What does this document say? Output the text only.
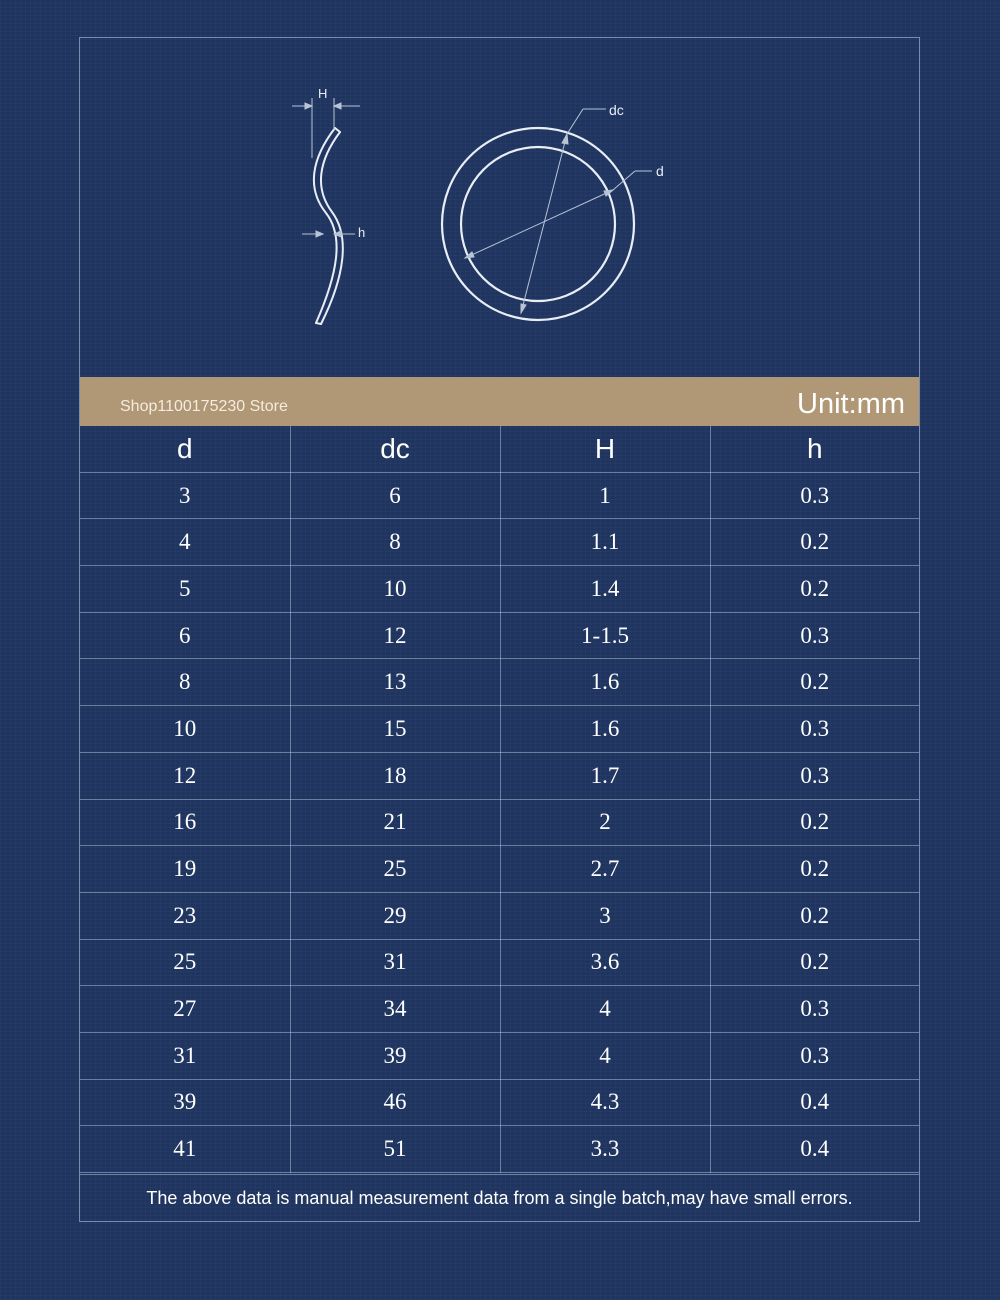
H
h
dc
d
Shop1100175230 Store	Unit:mm
d	dc	H	h
3	6	1	0.3
4	8	1.1	0.2
5	10	1.4	0.2
6	12	1-1.5	0.3
8	13	1.6	0.2
10	15	1.6	0.3
12	18	1.7	0.3
16	21	2	0.2
19	25	2.7	0.2
23	29	3	0.2
25	31	3.6	0.2
27	34	4	0.3
31	39	4	0.3
39	46	4.3	0.4
41	51	3.3	0.4
The above data is manual measurement data from a single batch,may have small errors.
